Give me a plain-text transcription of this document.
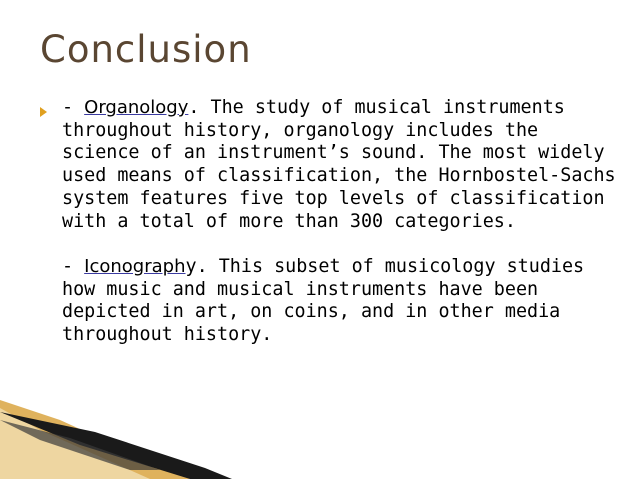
Conclusion

- Organology. The study of musical instruments throughout history, organology includes the science of an instrument’s sound. The most widely used means of classification, the Hornbostel-Sachs system features five top levels of classification with a total of more than 300 categories.

- Iconography. This subset of musicology studies how music and musical instruments have been depicted in art, on coins, and in other media throughout history.
